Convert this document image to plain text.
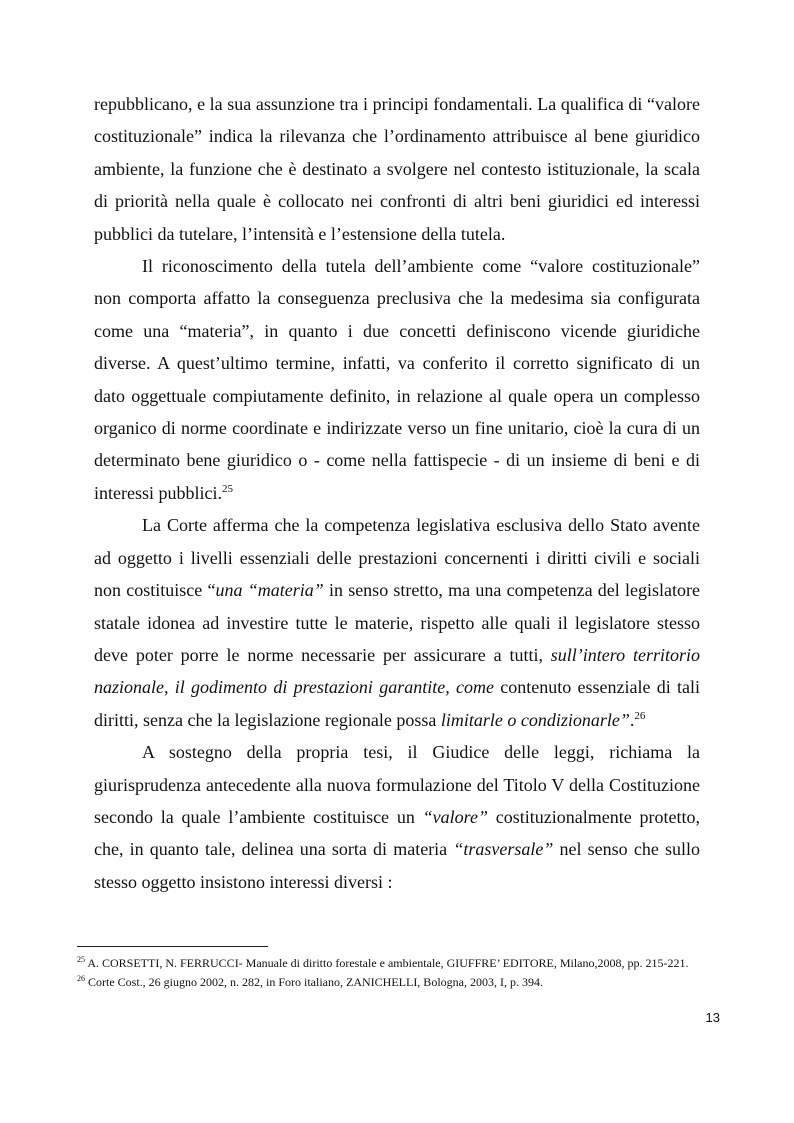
repubblicano, e la sua assunzione tra i principi fondamentali. La qualifica di “valore costituzionale” indica la rilevanza che l’ordinamento attribuisce al bene giuridico ambiente, la funzione che è destinato a svolgere nel contesto istituzionale, la scala di priorità nella quale è collocato nei confronti di altri beni giuridici ed interessi pubblici da tutelare, l’intensità e l’estensione della tutela.

Il riconoscimento della tutela dell’ambiente come “valore costituzionale” non comporta affatto la conseguenza preclusiva che la medesima sia configurata come una “materia”, in quanto i due concetti definiscono vicende giuridiche diverse. A quest’ultimo termine, infatti, va conferito il corretto significato di un dato oggettuale compiutamente definito, in relazione al quale opera un complesso organico di norme coordinate e indirizzate verso un fine unitario, cioè la cura di un determinato bene giuridico o - come nella fattispecie - di un insieme di beni e di interessi pubblici.$^{25}$

La Corte afferma che la competenza legislativa esclusiva dello Stato avente ad oggetto i livelli essenziali delle prestazioni concernenti i diritti civili e sociali non costituisce “una “materia” in senso stretto, ma una competenza del legislatore statale idonea ad investire tutte le materie, rispetto alle quali il legislatore stesso deve poter porre le norme necessarie per assicurare a tutti, sull’intero territorio nazionale, il godimento di prestazioni garantite, come contenuto essenziale di tali diritti, senza che la legislazione regionale possa limitarle o condizionarle”.$^{26}$

A sostegno della propria tesi, il Giudice delle leggi, richiama la giurisprudenza antecedente alla nuova formulazione del Titolo V della Costituzione secondo la quale l’ambiente costituisce un “valore” costituzionalmente protetto, che, in quanto tale, delinea una sorta di materia “trasversale” nel senso che sullo stesso oggetto insistono interessi diversi :

$^{25}$ A. CORSETTI, N. FERRUCCI- Manuale di diritto forestale e ambientale, GIUFFRE’ EDITORE, Milano,2008, pp. 215-221.

$^{26}$ Corte Cost., 26 giugno 2002, n. 282, in Foro italiano, ZANICHELLI, Bologna, 2003, I, p. 394.

13
